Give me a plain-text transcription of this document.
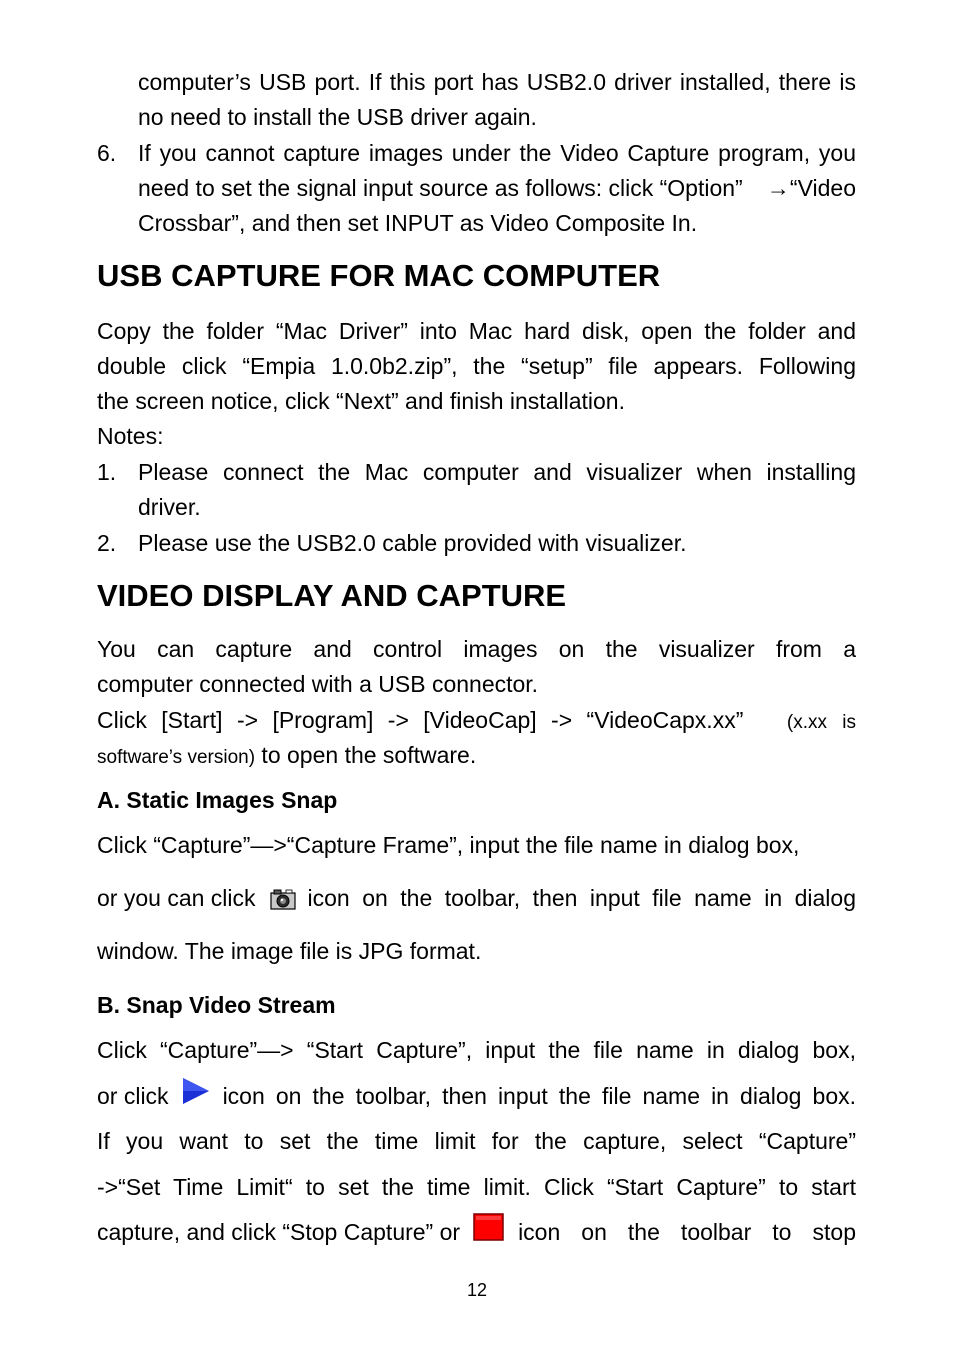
computer’s USB port. If this port has USB2.0 driver installed, there is
no need to install the USB driver again.
6. If you cannot capture images under the Video Capture program, you
need to set the signal input source as follows: click “Option” → “Video
Crossbar”, and then set INPUT as Video Composite In.
USB CAPTURE FOR MAC COMPUTER
Copy the folder “Mac Driver” into Mac hard disk, open the folder and
double click “Empia 1.0.0b2.zip”, the “setup” file appears. Following
the screen notice, click “Next” and finish installation.
Notes:
1. Please connect the Mac computer and visualizer when installing
driver.
2. Please use the USB2.0 cable provided with visualizer.
VIDEO DISPLAY AND CAPTURE
You can capture and control images on the visualizer from a
computer connected with a USB connector.
Click [Start] -> [Program] -> [VideoCap] -> “VideoCapx.xx” (x.xx is
software’s version) to open the software.
A. Static Images Snap
Click “Capture”—>“Capture Frame”, input the file name in dialog box,
or you can click icon on the toolbar, then input file name in dialog
window. The image file is JPG format.
B. Snap Video Stream
Click “Capture”—> “Start Capture”, input the file name in dialog box,
or click icon on the toolbar, then input the file name in dialog box.
If you want to set the time limit for the capture, select “Capture”
->“Set Time Limit“ to set the time limit. Click “Start Capture” to start
capture, and click “Stop Capture” or	icon on the toolbar to stop
12
